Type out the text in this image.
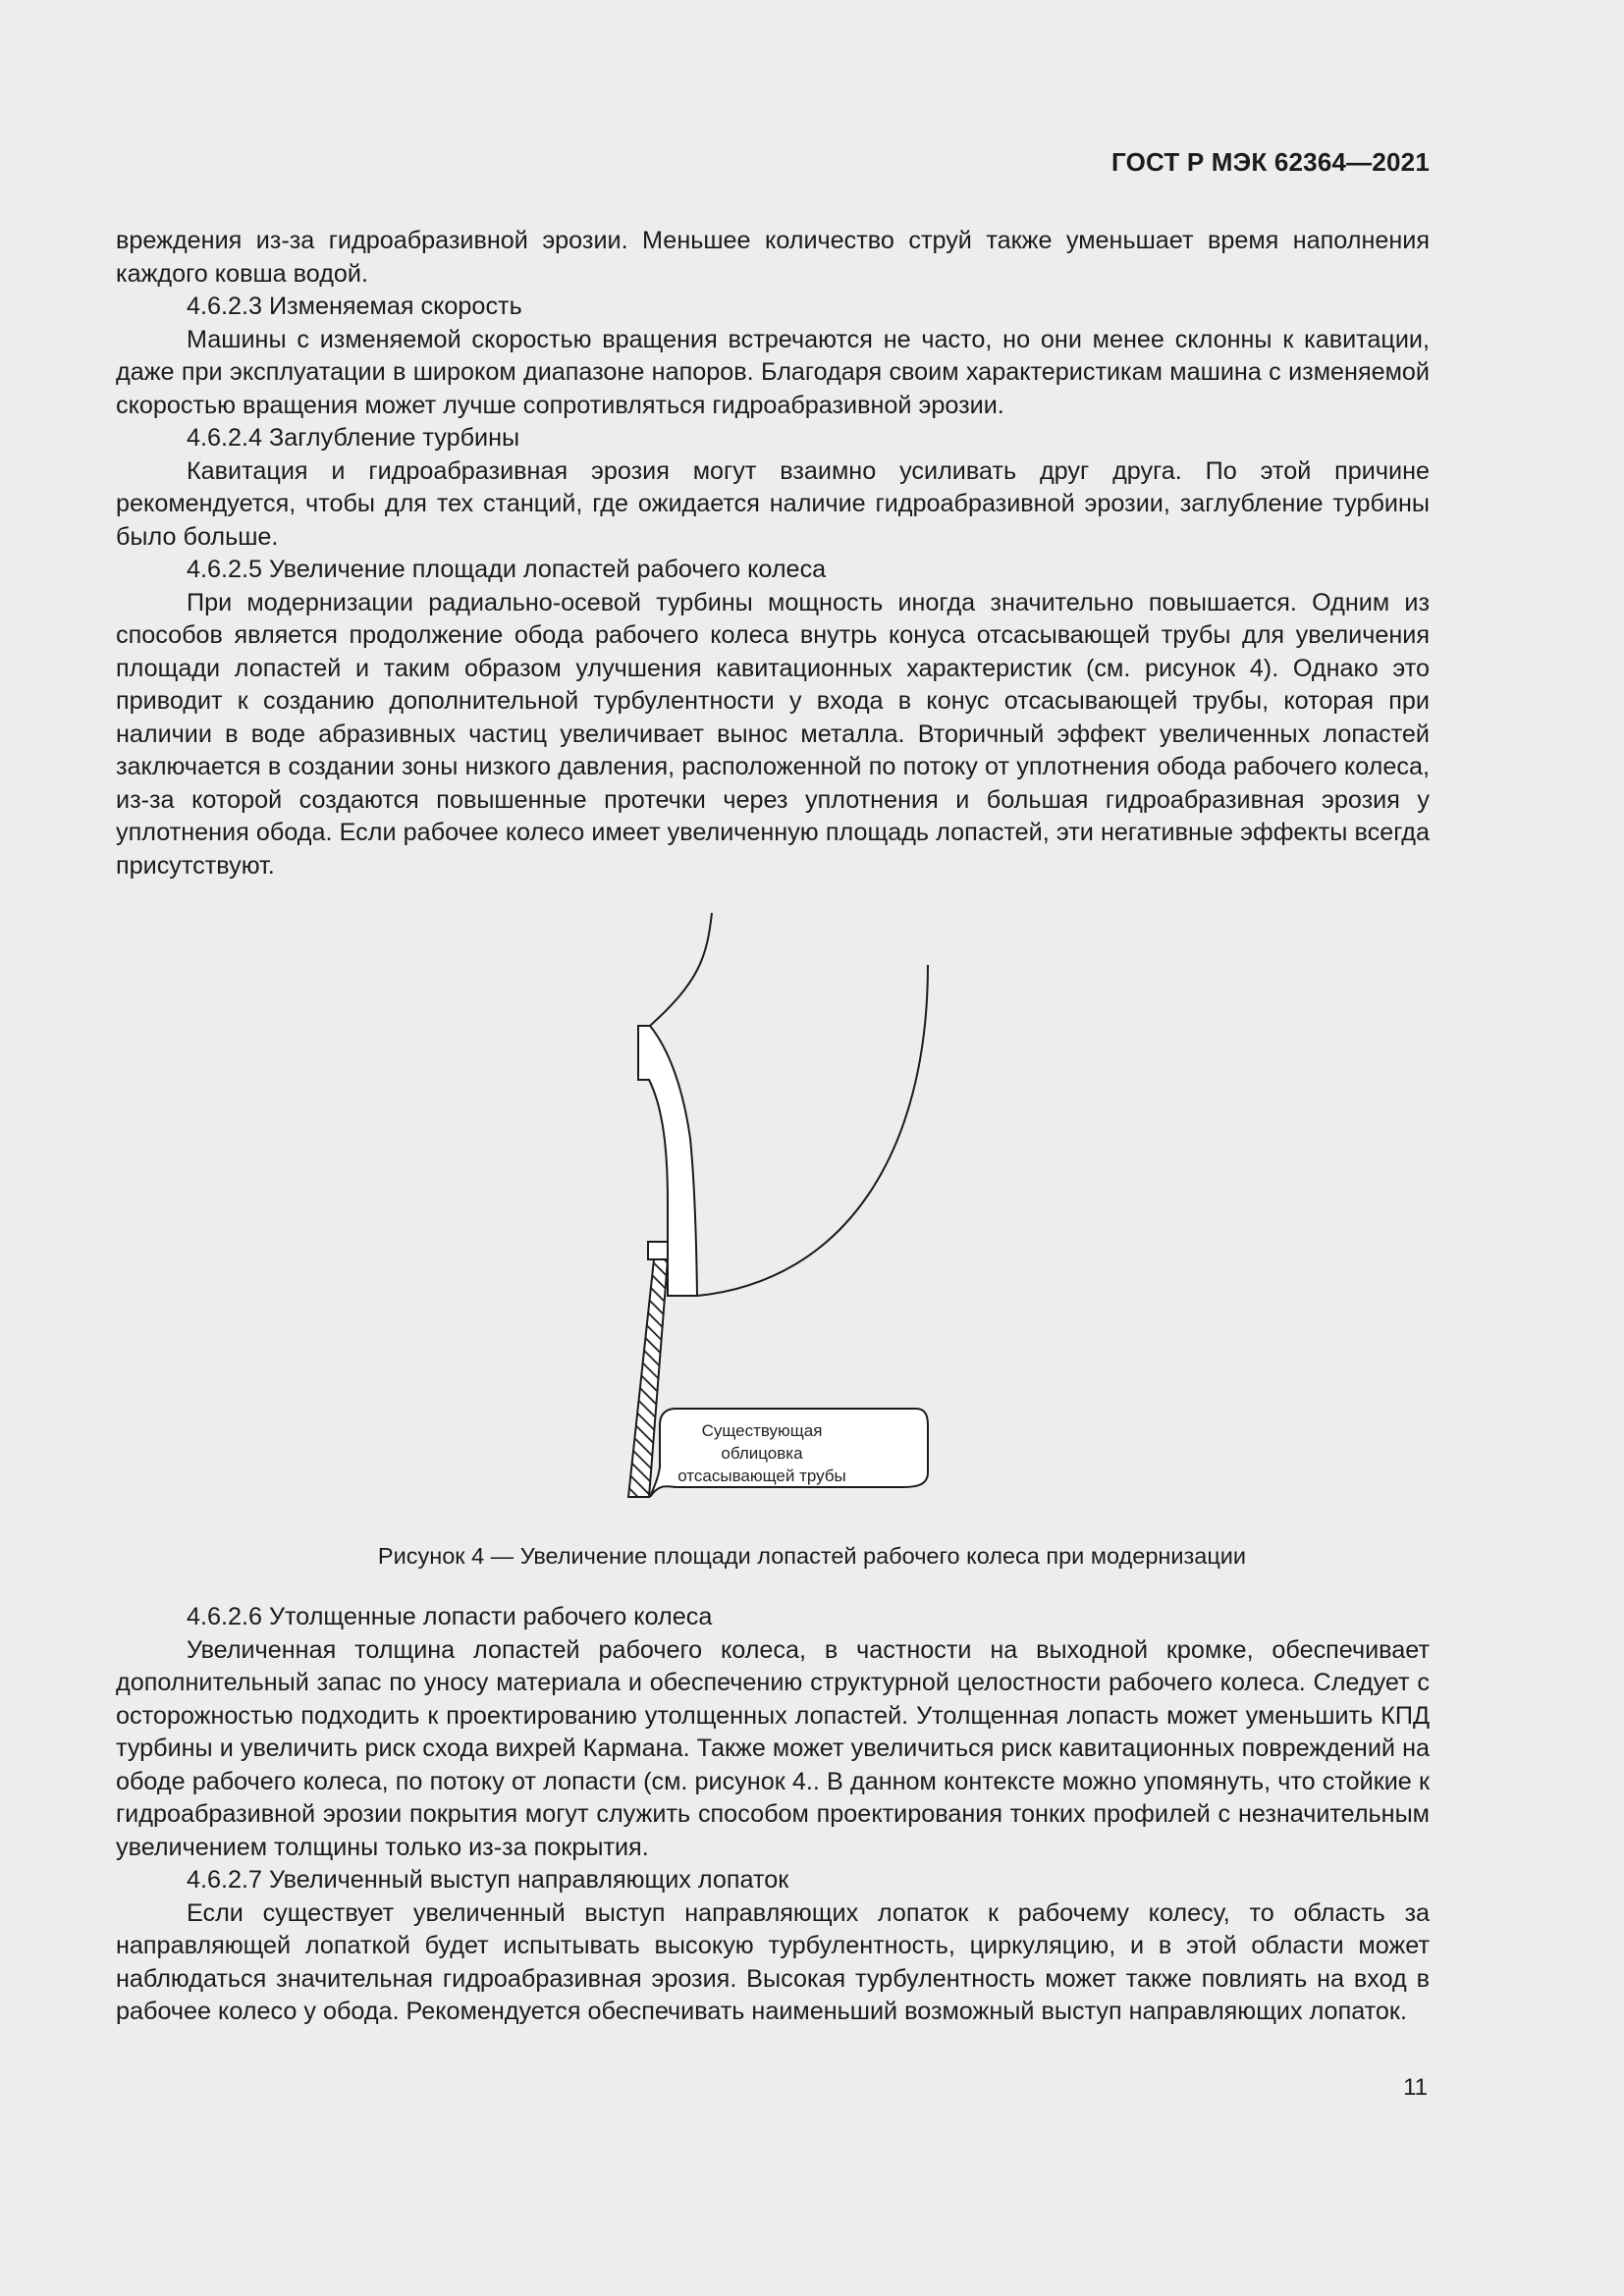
ГОСТ Р МЭК 62364—2021

вреждения из-за гидроабразивной эрозии. Меньшее количество струй также уменьшает время наполнения каждого ковша водой.

4.6.2.3 Изменяемая скорость

Машины с изменяемой скоростью вращения встречаются не часто, но они менее склонны к кавитации, даже при эксплуатации в широком диапазоне напоров. Благодаря своим характеристикам машина с изменяемой скоростью вращения может лучше сопротивляться гидроабразивной эрозии.

4.6.2.4 Заглубление турбины

Кавитация и гидроабразивная эрозия могут взаимно усиливать друг друга. По этой причине рекомендуется, чтобы для тех станций, где ожидается наличие гидроабразивной эрозии, заглубление турбины было больше.

4.6.2.5 Увеличение площади лопастей рабочего колеса

При модернизации радиально-осевой турбины мощность иногда значительно повышается. Одним из способов является продолжение обода рабочего колеса внутрь конуса отсасывающей трубы для увеличения площади лопастей и таким образом улучшения кавитационных характеристик (см. рисунок 4). Однако это приводит к созданию дополнительной турбулентности у входа в конус отсасывающей трубы, которая при наличии в воде абразивных частиц увеличивает вынос металла. Вторичный эффект увеличенных лопастей заключается в создании зоны низкого давления, расположенной по потоку от уплотнения обода рабочего колеса, из-за которой создаются повышенные протечки через уплотнения и большая гидроабразивная эрозия у уплотнения обода. Если рабочее колесо имеет увеличенную площадь лопастей, эти негативные эффекты всегда присутствуют.

Существующая облицовка
отсасывающей трубы
Рисунок 4 — Увеличение площади лопастей рабочего колеса при модернизации

4.6.2.6 Утолщенные лопасти рабочего колеса

Увеличенная толщина лопастей рабочего колеса, в частности на выходной кромке, обеспечивает дополнительный запас по уносу материала и обеспечению структурной целостности рабочего колеса. Следует с осторожностью подходить к проектированию утолщенных лопастей. Утолщенная лопасть может уменьшить КПД турбины и увеличить риск схода вихрей Кармана. Также может увеличиться риск кавитационных повреждений на ободе рабочего колеса, по потоку от лопасти (см. рисунок 4.. В данном контексте можно упомянуть, что стойкие к гидроабразивной эрозии покрытия могут служить способом проектирования тонких профилей с незначительным увеличением толщины только из-за покрытия.

4.6.2.7 Увеличенный выступ направляющих лопаток

Если существует увеличенный выступ направляющих лопаток к рабочему колесу, то область за направляющей лопаткой будет испытывать высокую турбулентность, циркуляцию, и в этой области может наблюдаться значительная гидроабразивная эрозия. Высокая турбулентность может также повлиять на вход в рабочее колесо у обода. Рекомендуется обеспечивать наименьший возможный выступ направляющих лопаток.

11
